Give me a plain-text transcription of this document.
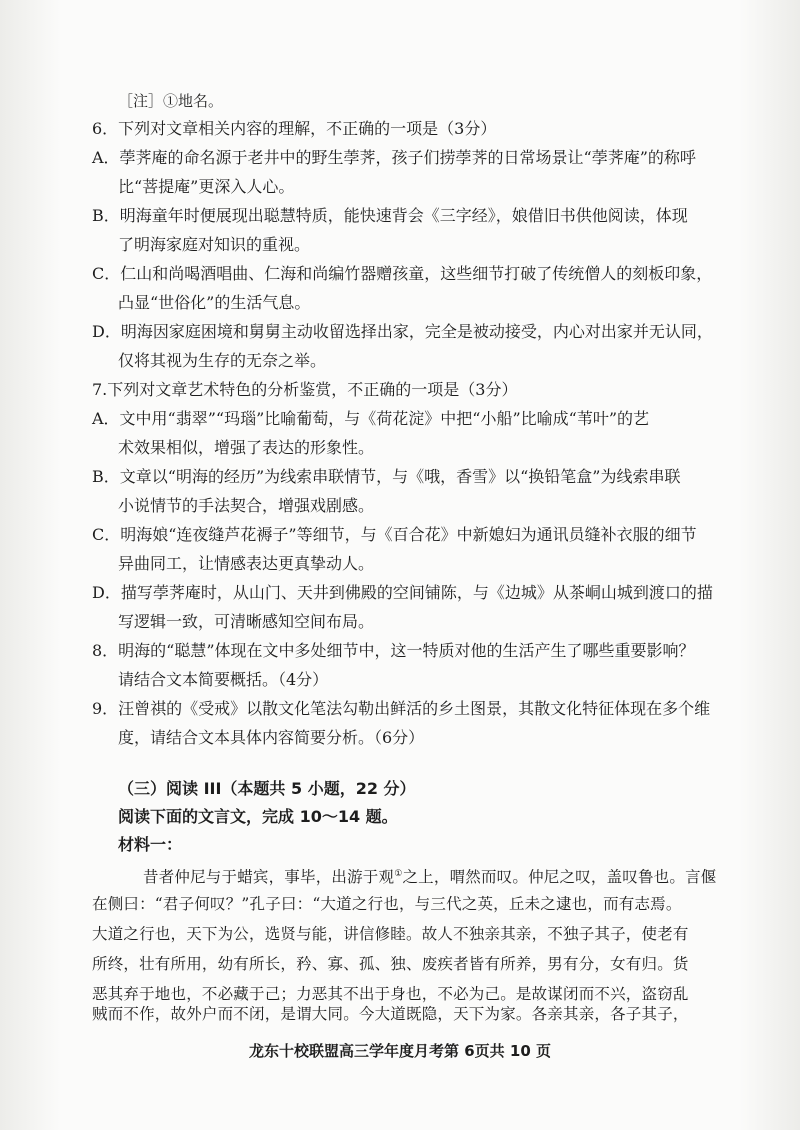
［注］①地名。
6．下列对文章相关内容的理解，不正确的一项是（3分）
A．荸荠庵的命名源于老井中的野生荸荠，孩子们捞荸荠的日常场景让“荸荠庵”的称呼
比“菩提庵”更深入人心。
B．明海童年时便展现出聪慧特质，能快速背会《三字经》，娘借旧书供他阅读，体现
了明海家庭对知识的重视。
C．仁山和尚喝酒唱曲、仁海和尚编竹器赠孩童，这些细节打破了传统僧人的刻板印象，
凸显“世俗化”的生活气息。
D．明海因家庭困境和舅舅主动收留选择出家，完全是被动接受，内心对出家并无认同，
仅将其视为生存的无奈之举。
7.下列对文章艺术特色的分析鉴赏，不正确的一项是（3分）
A．文中用“翡翠”“玛瑙”比喻葡萄，与《荷花淀》中把“小船”比喻成“苇叶”的艺
术效果相似，增强了表达的形象性。
B．文章以“明海的经历”为线索串联情节，与《哦，香雪》以“换铅笔盒”为线索串联
小说情节的手法契合，增强戏剧感。
C．明海娘“连夜缝芦花褥子”等细节，与《百合花》中新媳妇为通讯员缝补衣服的细节
异曲同工，让情感表达更真挚动人。
D．描写荸荠庵时，从山门、天井到佛殿的空间铺陈，与《边城》从茶峒山城到渡口的描
写逻辑一致，可清晰感知空间布局。
8．明海的“聪慧”体现在文中多处细节中，这一特质对他的生活产生了哪些重要影响？
请结合文本简要概括。（4分）
9．汪曾祺的《受戒》以散文化笔法勾勒出鲜活的乡土图景，其散文化特征体现在多个维
度，请结合文本具体内容简要分析。（6分）
（三）阅读 III（本题共 5 小题，22 分）
阅读下面的文言文，完成 10～14 题。
材料一：
昔者仲尼与于蜡宾，事毕，出游于观①之上，喟然而叹。仲尼之叹，盖叹鲁也。言偃
在侧曰：“君子何叹？”孔子曰：“大道之行也，与三代之英，丘未之逮也，而有志焉。
大道之行也，天下为公，选贤与能，讲信修睦。故人不独亲其亲，不独子其子，使老有
所终，壮有所用，幼有所长，矜、寡、孤、独、废疾者皆有所养，男有分，女有归。货
恶其弃于地也，不必藏于己；力恶其不出于身也，不必为己。是故谋闭而不兴，盗窃乱
龙东十校联盟高三学年度月考第 6页共 10 页
贼而不作，故外户而不闭，是谓大同。今大道既隐，天下为家。各亲其亲，各子其子，
